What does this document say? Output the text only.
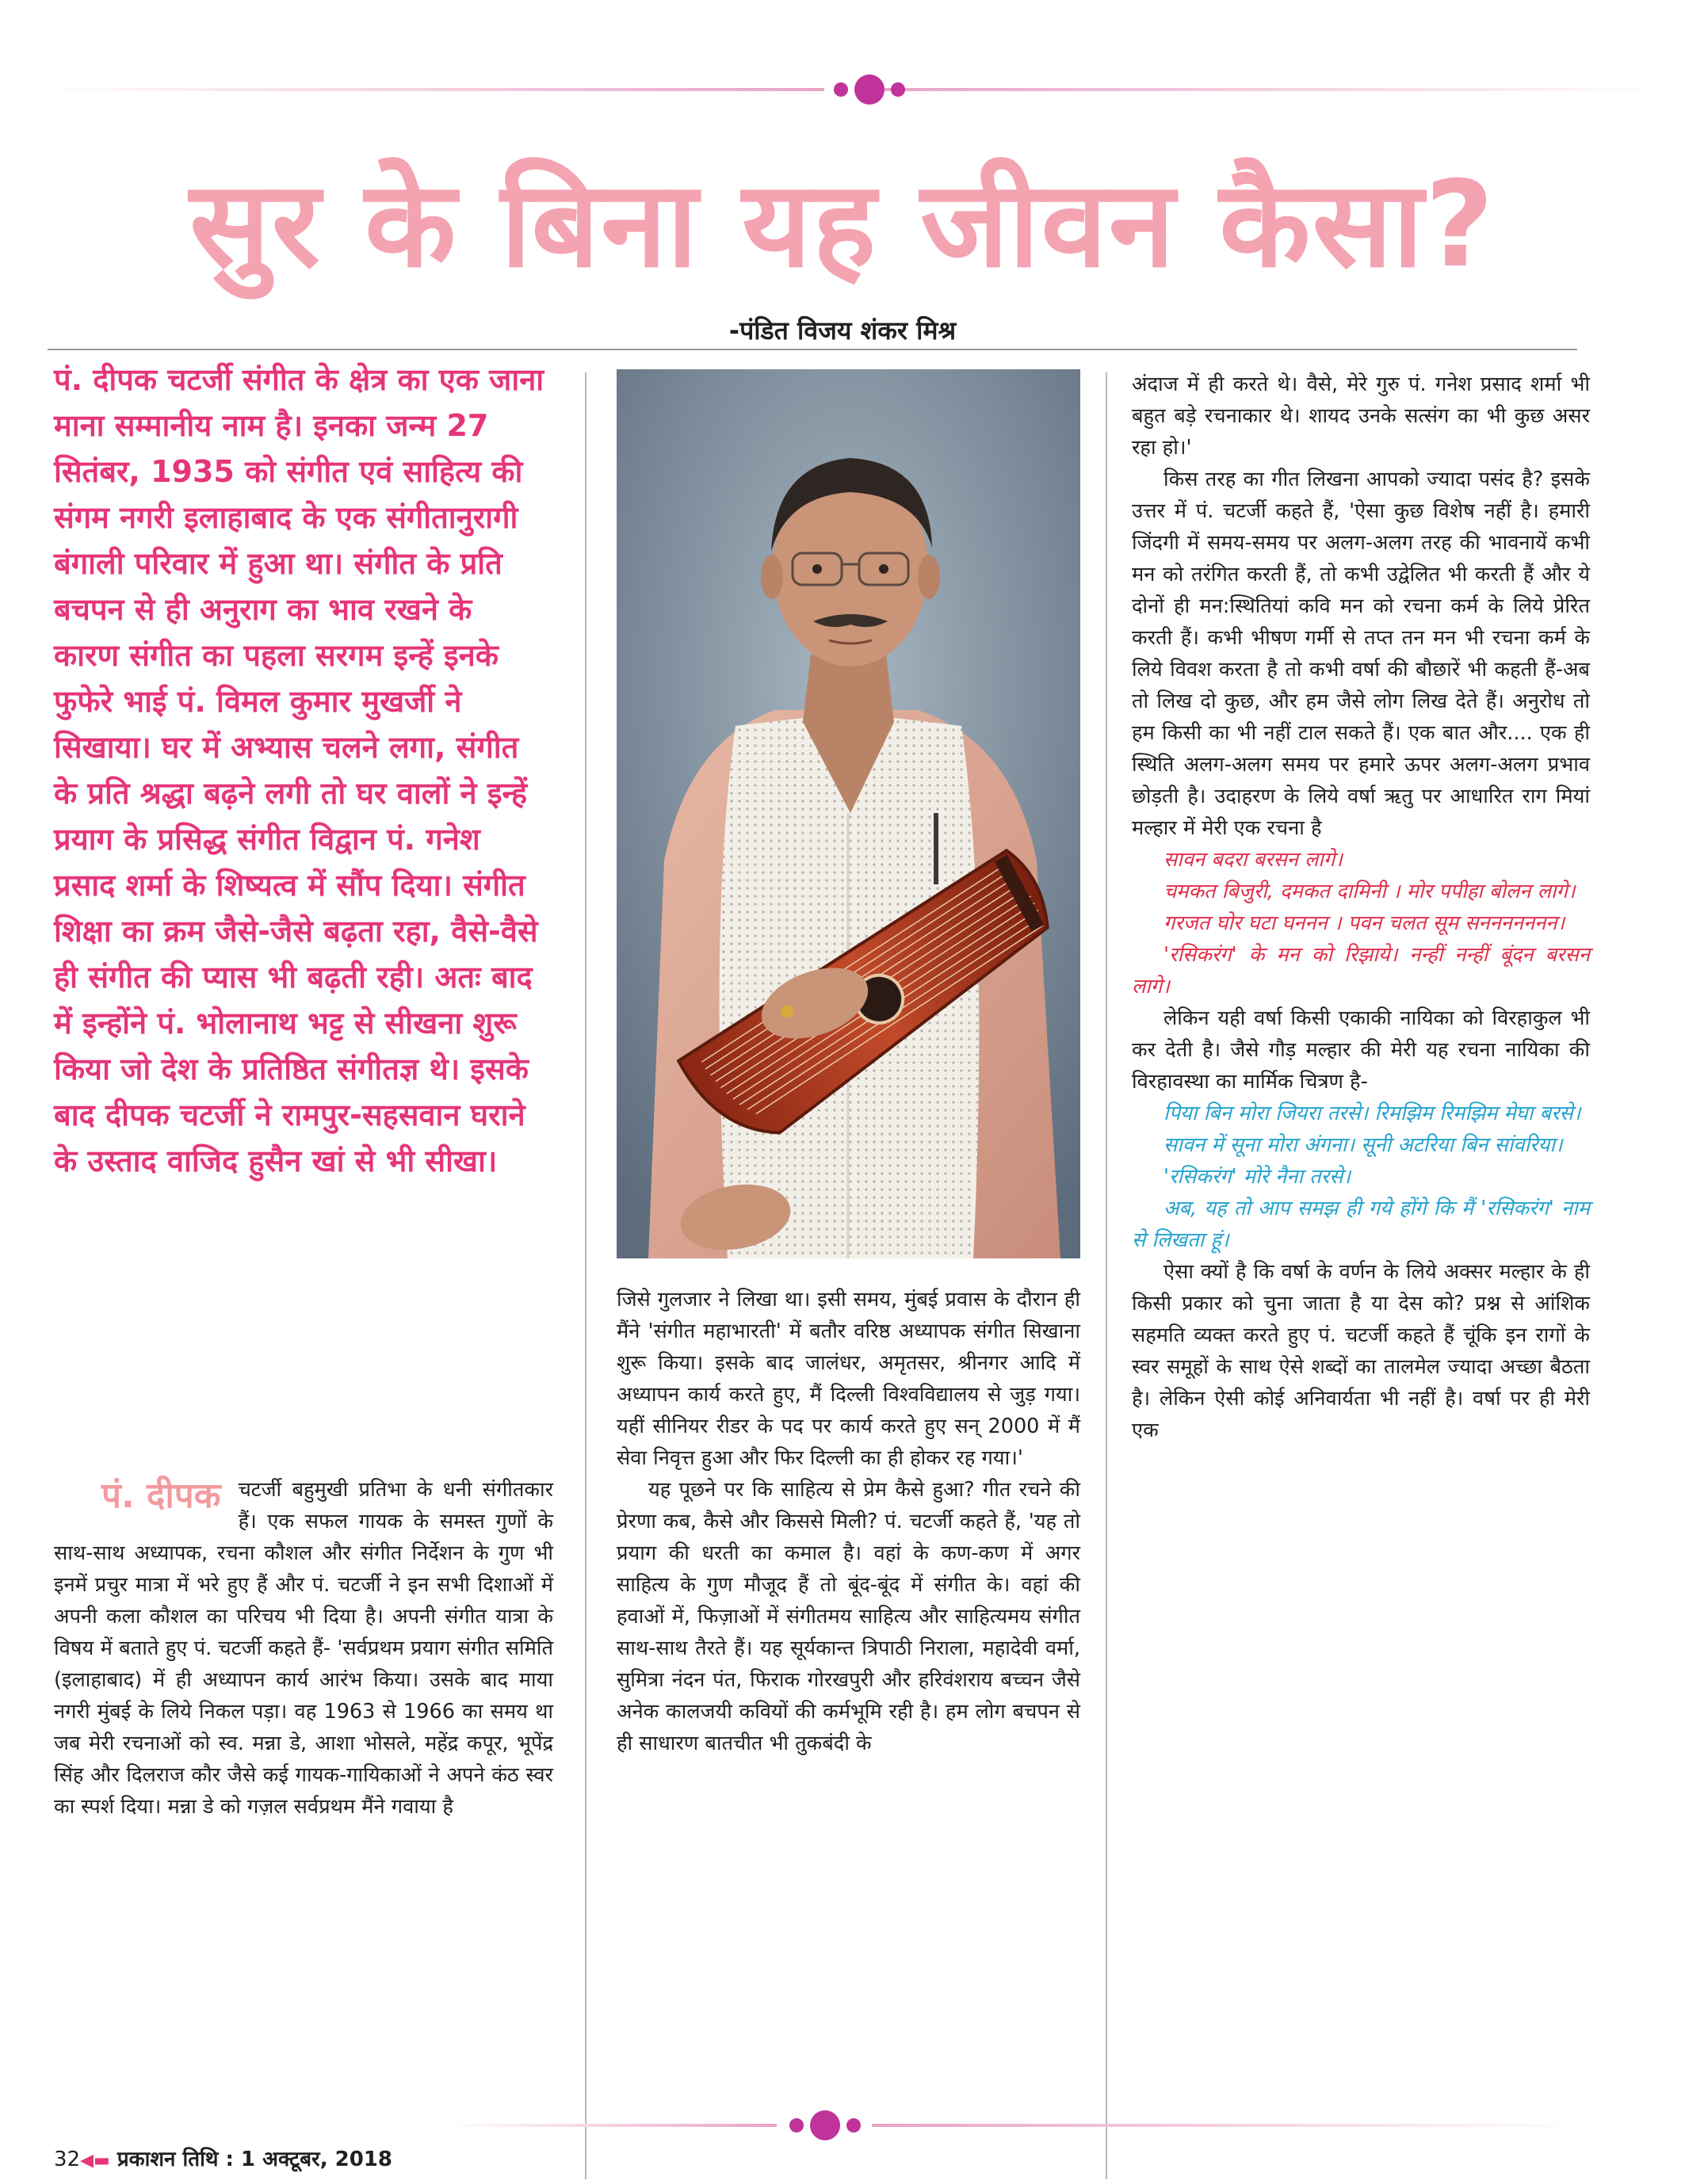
सुर के बिना यह जीवन कैसा?
-पंडित विजय शंकर मिश्र

पं. दीपक चटर्जी संगीत के क्षेत्र का एक जाना माना सम्मानीय नाम है। इनका जन्म 27 सितंबर, 1935 को संगीत एवं साहित्य की संगम नगरी इलाहाबाद के एक संगीतानुरागी बंगाली परिवार में हुआ था। संगीत के प्रति बचपन से ही अनुराग का भाव रखने के कारण संगीत का पहला सरगम इन्हें इनके फुफेरे भाई पं. विमल कुमार मुखर्जी ने सिखाया। घर में अभ्यास चलने लगा, संगीत के प्रति श्रद्धा बढ़ने लगी तो घर वालों ने इन्हें प्रयाग के प्रसिद्ध संगीत विद्वान पं. गनेश प्रसाद शर्मा के शिष्यत्व में सौंप दिया। संगीत शिक्षा का क्रम जैसे-जैसे बढ़ता रहा, वैसे-वैसे ही संगीत की प्यास भी बढ़ती रही। अतः बाद में इन्होंने पं. भोलानाथ भट्ट से सीखना शुरू किया जो देश के प्रतिष्ठित संगीतज्ञ थे। इसके बाद दीपक चटर्जी ने रामपुर-सहसवान घराने के उस्ताद वाजिद हुसैन खां से भी सीखा।

पं. दीपक चटर्जी बहुमुखी प्रतिभा के धनी संगीतकार हैं। एक सफल गायक के समस्त गुणों के साथ-साथ अध्यापक, रचना कौशल और संगीत निर्देशन के गुण भी इनमें प्रचुर मात्रा में भरे हुए हैं और पं. चटर्जी ने इन सभी दिशाओं में अपनी कला कौशल का परिचय भी दिया है। अपनी संगीत यात्रा के विषय में बताते हुए पं. चटर्जी कहते हैं- 'सर्वप्रथम प्रयाग संगीत समिति (इलाहाबाद) में ही अध्यापन कार्य आरंभ किया। उसके बाद माया नगरी मुंबई के लिये निकल पड़ा। वह 1963 से 1966 का समय था जब मेरी रचनाओं को स्व. मन्ना डे, आशा भोसले, महेंद्र कपूर, भूपेंद्र सिंह और दिलराज कौर जैसे कई गायक-गायिकाओं ने अपने कंठ स्वर का स्पर्श दिया। मन्ना डे को गज़ल सर्वप्रथम मैंने गवाया है

जिसे गुलजार ने लिखा था। इसी समय, मुंबई प्रवास के दौरान ही मैंने 'संगीत महाभारती' में बतौर वरिष्ठ अध्यापक संगीत सिखाना शुरू किया। इसके बाद जालंधर, अमृतसर, श्रीनगर आदि में अध्यापन कार्य करते हुए, मैं दिल्ली विश्वविद्यालय से जुड़ गया। यहीं सीनियर रीडर के पद पर कार्य करते हुए सन् 2000 में मैं सेवा निवृत्त हुआ और फिर दिल्ली का ही होकर रह गया।'

यह पूछने पर कि साहित्य से प्रेम कैसे हुआ? गीत रचने की प्रेरणा कब, कैसे और किससे मिली? पं. चटर्जी कहते हैं, 'यह तो प्रयाग की धरती का कमाल है। वहां के कण-कण में अगर साहित्य के गुण मौजूद हैं तो बूंद-बूंद में संगीत के। वहां की हवाओं में, फिज़ाओं में संगीतमय साहित्य और साहित्यमय संगीत साथ-साथ तैरते हैं। यह सूर्यकान्त त्रिपाठी निराला, महादेवी वर्मा, सुमित्रा नंदन पंत, फिराक गोरखपुरी और हरिवंशराय बच्चन जैसे अनेक कालजयी कवियों की कर्मभूमि रही है। हम लोग बचपन से ही साधारण बातचीत भी तुकबंदी के

अंदाज में ही करते थे। वैसे, मेरे गुरु पं. गनेश प्रसाद शर्मा भी बहुत बड़े रचनाकार थे। शायद उनके सत्संग का भी कुछ असर रहा हो।'

किस तरह का गीत लिखना आपको ज्यादा पसंद है? इसके उत्तर में पं. चटर्जी कहते हैं, 'ऐसा कुछ विशेष नहीं है। हमारी जिंदगी में समय-समय पर अलग-अलग तरह की भावनायें कभी मन को तरंगित करती हैं, तो कभी उद्वेलित भी करती हैं और ये दोनों ही मन:स्थितियां कवि मन को रचना कर्म के लिये प्रेरित करती हैं। कभी भीषण गर्मी से तप्त तन मन भी रचना कर्म के लिये विवश करता है तो कभी वर्षा की बौछारें भी कहती हैं-अब तो लिख दो कुछ, और हम जैसे लोग लिख देते हैं। अनुरोध तो हम किसी का भी नहीं टाल सकते हैं। एक बात और.... एक ही स्थिति अलग-अलग समय पर हमारे ऊपर अलग-अलग प्रभाव छोड़ती है। उदाहरण के लिये वर्षा ऋतु पर आधारित राग मियां मल्हार में मेरी एक रचना है

सावन बदरा बरसन लागे।

चमकत बिजुरी, दमकत दामिनी । मोर पपीहा बोलन लागे।

गरजत घोर घटा घननन । पवन चलत सूम सननननननन।

'रसिकरंग' के मन को रिझाये। नन्हीं नन्हीं बूंदन बरसन लागे।

लेकिन यही वर्षा किसी एकाकी नायिका को विरहाकुल भी कर देती है। जैसे गौड़ मल्हार की मेरी यह रचना नायिका की विरहावस्था का मार्मिक चित्रण है-

पिया बिन मोरा जियरा तरसे। रिमझिम रिमझिम मेघा बरसे।

सावन में सूना मोरा अंगना। सूनी अटरिया बिन सांवरिया।

'रसिकरंग' मोरे नैना तरसे।

अब, यह तो आप समझ ही गये होंगे कि मैं 'रसिकरंग' नाम से लिखता हूं।

ऐसा क्यों है कि वर्षा के वर्णन के लिये अक्सर मल्हार के ही किसी प्रकार को चुना जाता है या देस को? प्रश्न से आंशिक सहमति व्यक्त करते हुए पं. चटर्जी कहते हैं चूंकि इन रागों के स्वर समूहों के साथ ऐसे शब्दों का तालमेल ज्यादा अच्छा बैठता है। लेकिन ऐसी कोई अनिवार्यता भी नहीं है। वर्षा पर ही मेरी एक

32◀▬ प्रकाशन तिथि : 1 अक्टूबर, 2018
